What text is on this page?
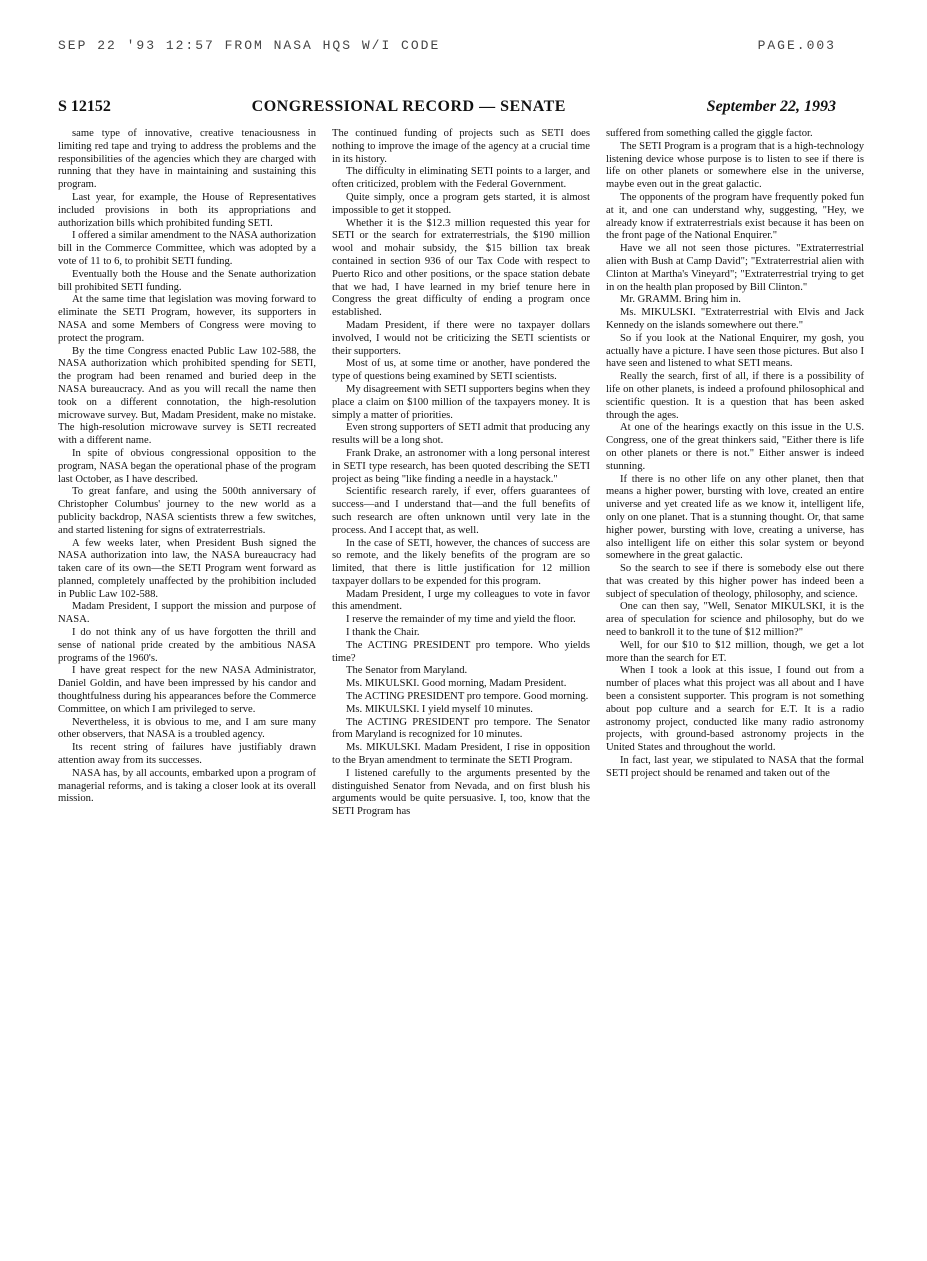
SEP 22 '93 12:57 FROM NASA HQS W/I CODE	PAGE.003
S 12152	CONGRESSIONAL RECORD — SENATE	September 22, 1993

same type of innovative, creative tenaciousness in limiting red tape and trying to address the problems and the responsibilities of the agencies which they are charged with running that they have in maintaining and sustaining this program.

Last year, for example, the House of Representatives included provisions in both its appropriations and authorization bills which prohibited funding SETI.

I offered a similar amendment to the NASA authorization bill in the Commerce Committee, which was adopted by a vote of 11 to 6, to prohibit SETI funding.

Eventually both the House and the Senate authorization bill prohibited SETI funding.

At the same time that legislation was moving forward to eliminate the SETI Program, however, its supporters in NASA and some Members of Congress were moving to protect the program.

By the time Congress enacted Public Law 102-588, the NASA authorization which prohibited spending for SETI, the program had been renamed and buried deep in the NASA bureaucracy. And as you will recall the name then took on a different connotation, the high-resolution microwave survey. But, Madam President, make no mistake. The high-resolution microwave survey is SETI recreated with a different name.

In spite of obvious congressional opposition to the program, NASA began the operational phase of the program last October, as I have described.

To great fanfare, and using the 500th anniversary of Christopher Columbus' journey to the new world as a publicity backdrop, NASA scientists threw a few switches, and started listening for signs of extraterrestrials.

A few weeks later, when President Bush signed the NASA authorization into law, the NASA bureaucracy had taken care of its own—the SETI Program went forward as planned, completely unaffected by the prohibition included in Public Law 102-588.

Madam President, I support the mission and purpose of NASA.

I do not think any of us have forgotten the thrill and sense of national pride created by the ambitious NASA programs of the 1960's.

I have great respect for the new NASA Administrator, Daniel Goldin, and have been impressed by his candor and thoughtfulness during his appearances before the Commerce Committee, on which I am privileged to serve.

Nevertheless, it is obvious to me, and I am sure many other observers, that NASA is a troubled agency.

Its recent string of failures have justifiably drawn attention away from its successes.

NASA has, by all accounts, embarked upon a program of managerial reforms, and is taking a closer look at its overall mission.

The continued funding of projects such as SETI does nothing to improve the image of the agency at a crucial time in its history.

The difficulty in eliminating SETI points to a larger, and often criticized, problem with the Federal Government.

Quite simply, once a program gets started, it is almost impossible to get it stopped.

Whether it is the $12.3 million requested this year for SETI or the search for extraterrestrials, the $190 million wool and mohair subsidy, the $15 billion tax break contained in section 936 of our Tax Code with respect to Puerto Rico and other positions, or the space station debate that we had, I have learned in my brief tenure here in Congress the great difficulty of ending a program once established.

Madam President, if there were no taxpayer dollars involved, I would not be criticizing the SETI scientists or their supporters.

Most of us, at some time or another, have pondered the type of questions being examined by SETI scientists.

My disagreement with SETI supporters begins when they place a claim on $100 million of the taxpayers money. It is simply a matter of priorities.

Even strong supporters of SETI admit that producing any results will be a long shot.

Frank Drake, an astronomer with a long personal interest in SETI type research, has been quoted describing the SETI project as being "like finding a needle in a haystack."

Scientific research rarely, if ever, offers guarantees of success—and I understand that—and the full benefits of such research are often unknown until very late in the process. And I accept that, as well.

In the case of SETI, however, the chances of success are so remote, and the likely benefits of the program are so limited, that there is little justification for 12 million taxpayer dollars to be expended for this program.

Madam President, I urge my colleagues to vote in favor this amendment.

I reserve the remainder of my time and yield the floor.

I thank the Chair.

The ACTING PRESIDENT pro tempore. Who yields time?

The Senator from Maryland.

Ms. MIKULSKI. Good morning, Madam President.

The ACTING PRESIDENT pro tempore. Good morning.

Ms. MIKULSKI. I yield myself 10 minutes.

The ACTING PRESIDENT pro tempore. The Senator from Maryland is recognized for 10 minutes.

Ms. MIKULSKI. Madam President, I rise in opposition to the Bryan amendment to terminate the SETI Program.

I listened carefully to the arguments presented by the distinguished Senator from Nevada, and on first blush his arguments would be quite persuasive. I, too, know that the SETI Program has

suffered from something called the giggle factor.

The SETI Program is a program that is a high-technology listening device whose purpose is to listen to see if there is life on other planets or somewhere else in the universe, maybe even out in the great galactic.

The opponents of the program have frequently poked fun at it, and one can understand why, suggesting, "Hey, we already know if extraterrestrials exist because it has been on the front page of the National Enquirer."

Have we all not seen those pictures. "Extraterrestrial alien with Bush at Camp David"; "Extraterrestrial alien with Clinton at Martha's Vineyard"; "Extraterrestrial trying to get in on the health plan proposed by Bill Clinton."

Mr. GRAMM. Bring him in.

Ms. MIKULSKI. "Extraterrestrial with Elvis and Jack Kennedy on the islands somewhere out there."

So if you look at the National Enquirer, my gosh, you actually have a picture. I have seen those pictures. But also I have seen and listened to what SETI means.

Really the search, first of all, if there is a possibility of life on other planets, is indeed a profound philosophical and scientific question. It is a question that has been asked through the ages.

At one of the hearings exactly on this issue in the U.S. Congress, one of the great thinkers said, "Either there is life on other planets or there is not." Either answer is indeed stunning.

If there is no other life on any other planet, then that means a higher power, bursting with love, created an entire universe and yet created life as we know it, intelligent life, only on one planet. That is a stunning thought. Or, that same higher power, bursting with love, creating a universe, has also intelligent life on either this solar system or beyond somewhere in the great galactic.

So the search to see if there is somebody else out there that was created by this higher power has indeed been a subject of speculation of theology, philosophy, and science.

One can then say, "Well, Senator MIKULSKI, it is the area of speculation for science and philosophy, but do we need to bankroll it to the tune of $12 million?"

Well, for our $10 to $12 million, though, we get a lot more than the search for ET.

When I took a look at this issue, I found out from a number of places what this project was all about and I have been a consistent supporter. This program is not something about pop culture and a search for E.T. It is a radio astronomy project, conducted like many radio astronomy projects, with ground-based astronomy projects in the United States and throughout the world.

In fact, last year, we stipulated to NASA that the formal SETI project should be renamed and taken out of the
